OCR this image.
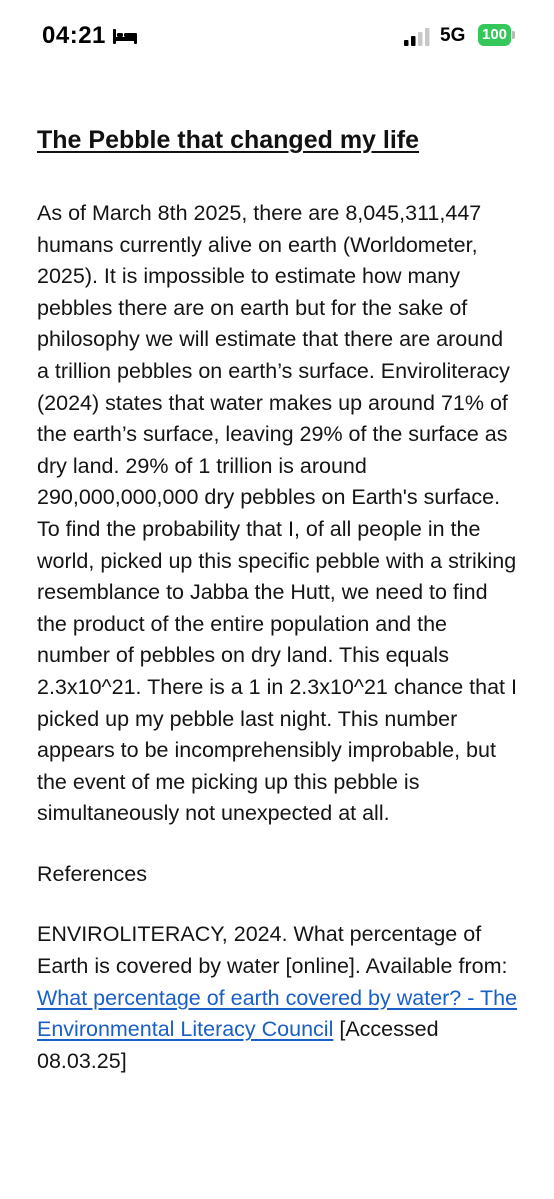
04:21	5G 100
The Pebble that changed my life

As of March 8th 2025, there are 8,045,311,447 humans currently alive on earth (Worldometer, 2025). It is impossible to estimate how many pebbles there are on earth but for the sake of philosophy we will estimate that there are around a trillion pebbles on earth’s surface. Enviroliteracy (2024) states that water makes up around 71% of the earth’s surface, leaving 29% of the surface as dry land. 29% of 1 trillion is around 290,000,000,000 dry pebbles on Earth's surface. To find the probability that I, of all people in the world, picked up this specific pebble with a striking resemblance to Jabba the Hutt, we need to find the product of the entire population and the number of pebbles on dry land. This equals 2.3x10^21. There is a 1 in 2.3x10^21 chance that I picked up my pebble last night. This number appears to be incomprehensibly improbable, but the event of me picking up this pebble is simultaneously not unexpected at all.

References

ENVIROLITERACY, 2024. What percentage of Earth is covered by water [online]. Available from: What percentage of earth covered by water? - The Environmental Literacy Council [Accessed 08.03.25]
